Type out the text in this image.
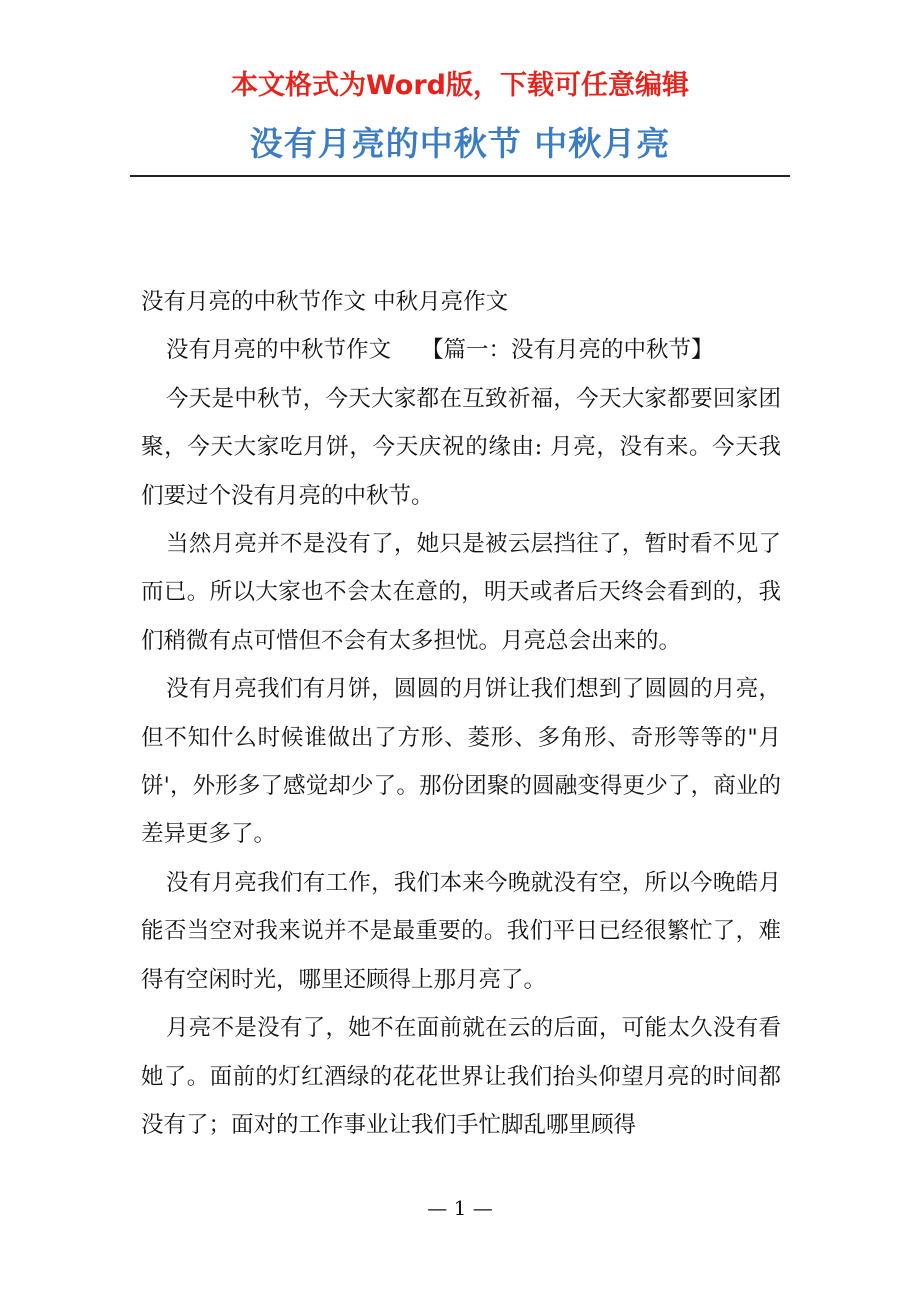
本文格式为Word版，下载可任意编辑
没有月亮的中秋节 中秋月亮

没有月亮的中秋节作文 中秋月亮作文

没有月亮的中秋节作文 【篇一：没有月亮的中秋节】

今天是中秋节，今天大家都在互致祈福，今天大家都要回家团聚，今天大家吃月饼，今天庆祝的缘由: 月亮，没有来。今天我们要过个没有月亮的中秋节。

当然月亮并不是没有了，她只是被云层挡往了，暂时看不见了而已。所以大家也不会太在意的，明天或者后天终会看到的，我们稍微有点可惜但不会有太多担忧。月亮总会出来的。

没有月亮我们有月饼，圆圆的月饼让我们想到了圆圆的月亮，但不知什么时候谁做出了方形、菱形、多角形、奇形等等的"月饼'，外形多了感觉却少了。那份团聚的圆融变得更少了，商业的差异更多了。

没有月亮我们有工作，我们本来今晚就没有空，所以今晚皓月能否当空对我来说并不是最重要的。我们平日已经很繁忙了，难得有空闲时光，哪里还顾得上那月亮了。

月亮不是没有了，她不在面前就在云的后面，可能太久没有看她了。面前的灯红酒绿的花花世界让我们抬头仰望月亮的时间都没有了；面对的工作事业让我们手忙脚乱哪里顾得

— 1 —
